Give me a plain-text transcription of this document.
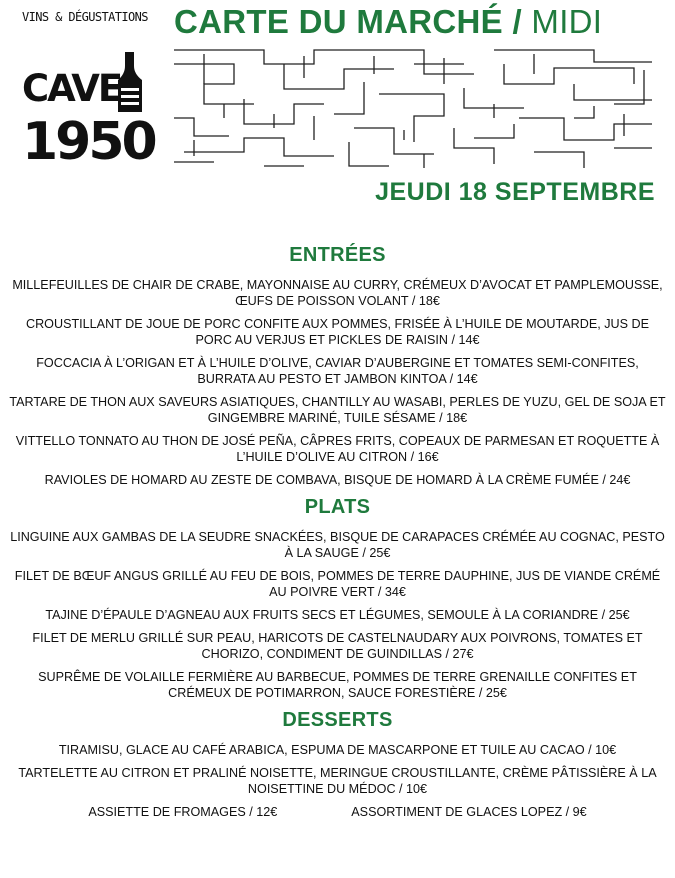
VINS & DÉGUSTATIONS
CAVE
1950
CARTE DU MARCHÉ / MIDI
JEUDI 18 SEPTEMBRE
ENTRÉES
MILLEFEUILLES DE CHAIR DE CRABE, MAYONNAISE AU CURRY, CRÉMEUX D’AVOCAT ET PAMPLEMOUSSE, ŒUFS DE POISSON VOLANT / 18€
CROUSTILLANT DE JOUE DE PORC CONFITE AUX POMMES, FRISÉE À L’HUILE DE MOUTARDE, JUS DE PORC AU VERJUS ET PICKLES DE RAISIN / 14€
FOCCACIA À L’ORIGAN ET À L’HUILE D’OLIVE, CAVIAR D’AUBERGINE ET TOMATES SEMI-CONFITES, BURRATA AU PESTO ET JAMBON KINTOA / 14€
TARTARE DE THON AUX SAVEURS ASIATIQUES, CHANTILLY AU WASABI, PERLES DE YUZU, GEL DE SOJA ET GINGEMBRE MARINÉ, TUILE SÉSAME / 18€
VITTELLO TONNATO AU THON DE JOSÉ PEÑA, CÂPRES FRITS, COPEAUX DE PARMESAN ET ROQUETTE À L’HUILE D’OLIVE AU CITRON / 16€
RAVIOLES DE HOMARD AU ZESTE DE COMBAVA, BISQUE DE HOMARD À LA CRÈME FUMÉE / 24€
PLATS
LINGUINE AUX GAMBAS DE LA SEUDRE SNACKÉES, BISQUE DE CARAPACES CRÉMÉE AU COGNAC, PESTO À LA SAUGE / 25€
FILET DE BŒUF ANGUS GRILLÉ AU FEU DE BOIS, POMMES DE TERRE DAUPHINE, JUS DE VIANDE CRÉMÉ AU POIVRE VERT / 34€
TAJINE D’ÉPAULE D’AGNEAU AUX FRUITS SECS ET LÉGUMES, SEMOULE À LA CORIANDRE / 25€
FILET DE MERLU GRILLÉ SUR PEAU, HARICOTS DE CASTELNAUDARY AUX POIVRONS, TOMATES ET CHORIZO, CONDIMENT DE GUINDILLAS / 27€
SUPRÊME DE VOLAILLE FERMIÈRE AU BARBECUE, POMMES DE TERRE GRENAILLE CONFITES ET CRÉMEUX DE POTIMARRON, SAUCE FORESTIÈRE / 25€
DESSERTS
TIRAMISU, GLACE AU CAFÉ ARABICA, ESPUMA DE MASCARPONE ET TUILE AU CACAO / 10€
TARTELETTE AU CITRON ET PRALINÉ NOISETTE, MERINGUE CROUSTILLANTE, CRÈME PÂTISSIÈRE À LA NOISETTINE DU MÉDOC / 10€
ASSIETTE DE FROMAGES / 12€	ASSORTIMENT DE GLACES LOPEZ / 9€
